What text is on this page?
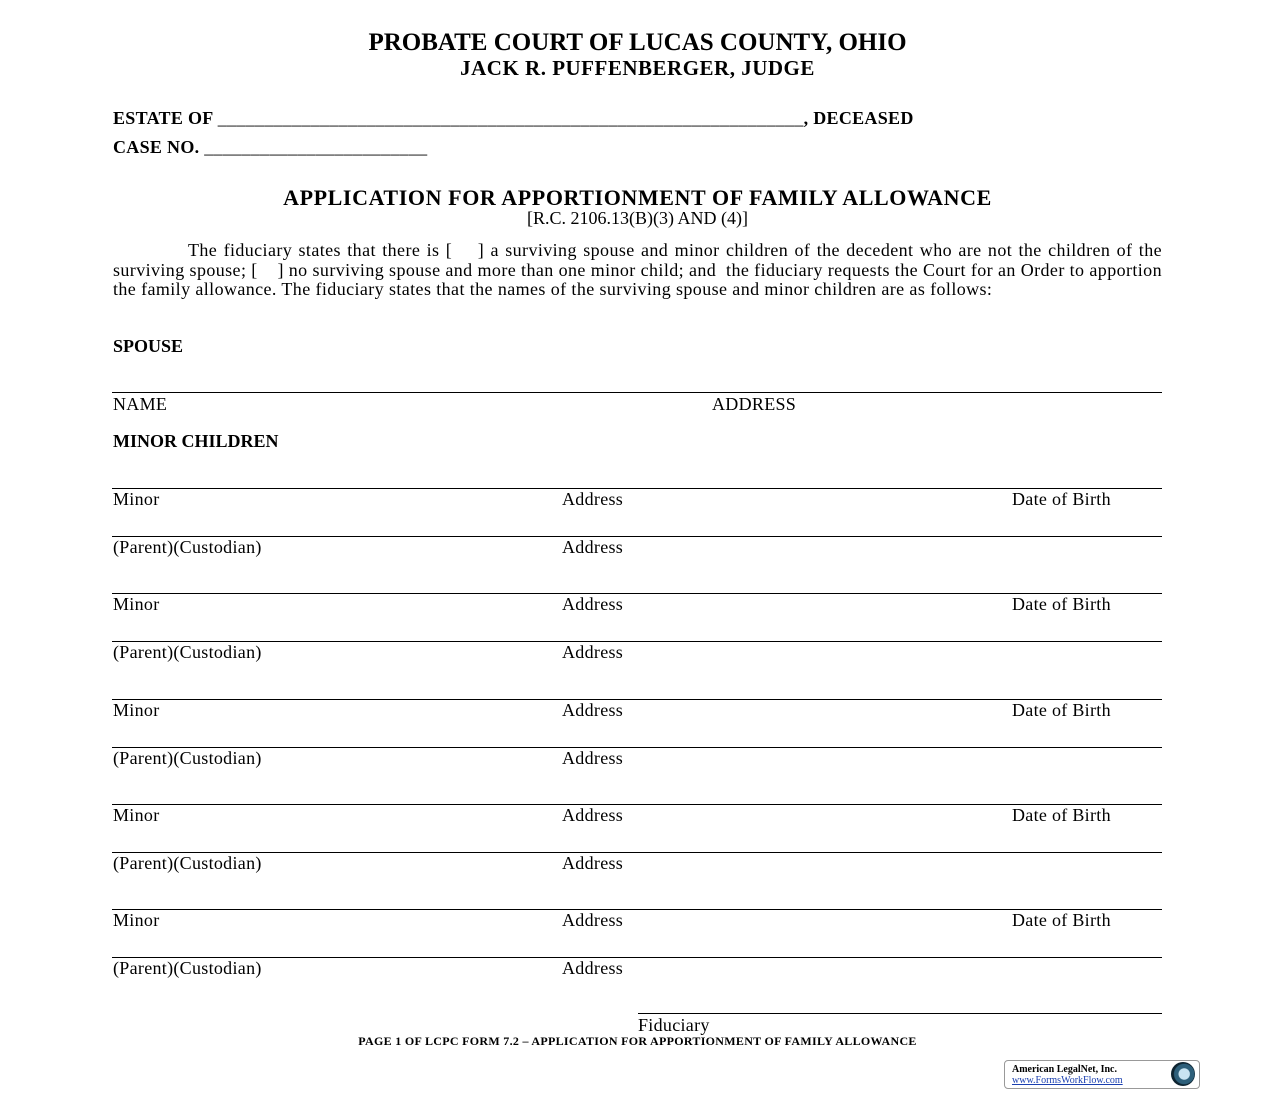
PROBATE COURT OF LUCAS COUNTY, OHIO
JACK R. PUFFENBERGER, JUDGE
ESTATE OF _______________________________________________________________, DECEASED
CASE NO. ________________________
APPLICATION FOR APPORTIONMENT OF FAMILY ALLOWANCE
[R.C. 2106.13(B)(3) AND (4)]
The fiduciary states that there is [    ] a surviving spouse and minor children of the decedent who are not the children of the surviving spouse; [    ] no surviving spouse and more than one minor child; and  the fiduciary requests the Court for an Order to apportion the family allowance. The fiduciary states that the names of the surviving spouse and minor children are as follows:
SPOUSE
NAME	ADDRESS
MINOR CHILDREN
Minor	Address	Date of Birth
(Parent)(Custodian)	Address
Minor	Address	Date of Birth
(Parent)(Custodian)	Address
Minor	Address	Date of Birth
(Parent)(Custodian)	Address
Minor	Address	Date of Birth
(Parent)(Custodian)	Address
Minor	Address	Date of Birth
(Parent)(Custodian)	Address
Fiduciary
PAGE 1 OF LCPC FORM 7.2 – APPLICATION FOR APPORTIONMENT OF FAMILY ALLOWANCE
American LegalNet, Inc.
www.FormsWorkFlow.com
